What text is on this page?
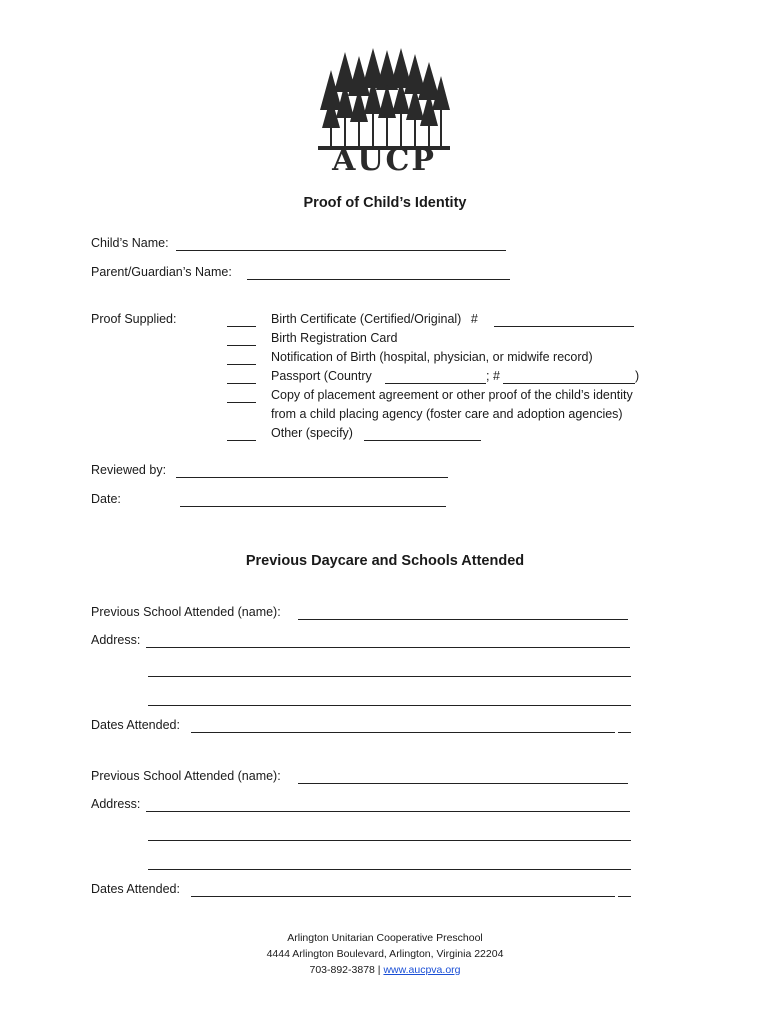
AUCP
Proof of Child’s Identity
Child’s Name:
Parent/Guardian’s Name:
Proof Supplied:	Birth Certificate (Certified/Original) #
Birth Registration Card
Notification of Birth (hospital, physician, or midwife record)
Passport (Country	; #	)
Copy of placement agreement or other proof of the child’s identity
from a child placing agency (foster care and adoption agencies)
Other (specify)
Reviewed by:
Date:
Previous Daycare and Schools Attended
Previous School Attended (name):
Address:
Dates Attended:
Previous School Attended (name):
Address:
Dates Attended:
Arlington Unitarian Cooperative Preschool
4444 Arlington Boulevard, Arlington, Virginia 22204
703-892-3878 | www.aucpva.org
